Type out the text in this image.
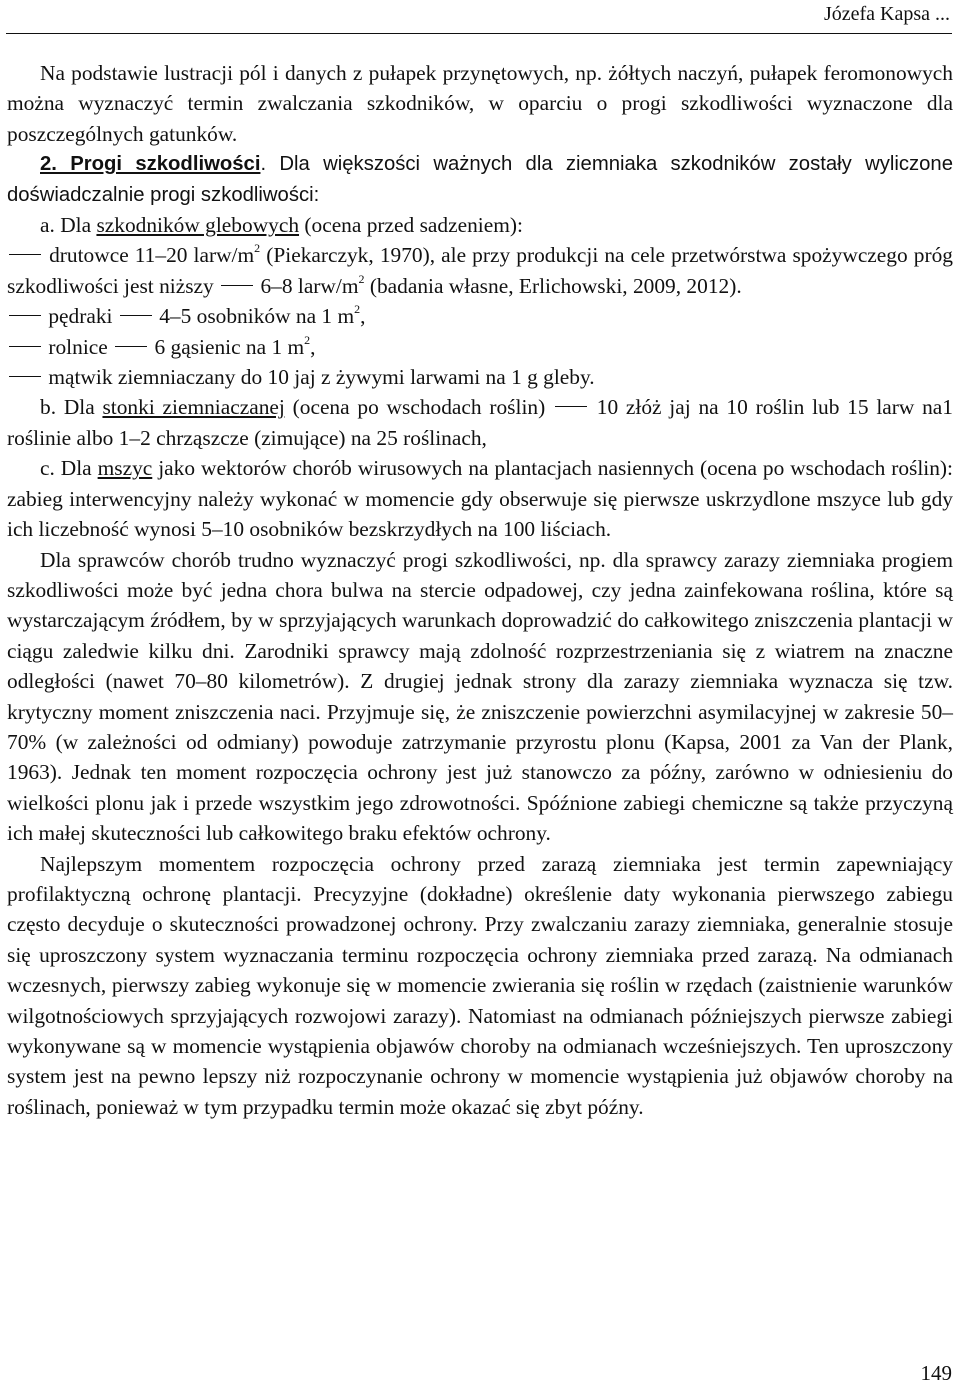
Józefa Kapsa ...

Na podstawie lustracji pól i danych z pułapek przynętowych, np. żółtych naczyń, pułapek feromonowych można wyznaczyć termin zwalczania szkodników, w oparciu o progi szkodliwości wyznaczone dla poszczególnych gatunków.

2. Progi szkodliwości. Dla większości ważnych dla ziemniaka szkodników zostały wyliczone doświadczalnie progi szkodliwości:

a. Dla szkodników glebowych (ocena przed sadzeniem):

drutowce 11–20 larw/$m^2$ (Piekarczyk, 1970), ale przy produkcji na cele przetwórstwa spożywczego próg szkodliwości jest niższy  6–8 larw/$m^2$ (badania własne, Erlichowski, 2009, 2012).

pędraki  4–5 osobników na 1 $m^2$,

rolnice  6 gąsienic na 1 $m^2$,

mątwik ziemniaczany do 10 jaj z żywymi larwami na 1 g gleby.

b. Dla stonki ziemniaczanej (ocena po wschodach roślin)  10 złóż jaj na 10 roślin lub 15 larw na1 roślinie albo 1–2 chrząszcze (zimujące) na 25 roślinach,

c. Dla mszyc jako wektorów chorób wirusowych na plantacjach nasiennych (ocena po wschodach roślin): zabieg interwencyjny należy wykonać w momencie gdy obserwuje się pierwsze uskrzydlone mszyce lub gdy ich liczebność wynosi 5–10 osobników bezskrzydłych na 100 liściach.

Dla sprawców chorób trudno wyznaczyć progi szkodliwości, np. dla sprawcy zarazy ziemniaka progiem szkodliwości może być jedna chora bulwa na stercie odpadowej, czy jedna zainfekowana roślina, które są wystarczającym źródłem, by w sprzyjających warunkach doprowadzić do całkowitego zniszczenia plantacji w ciągu zaledwie kilku dni. Zarodniki sprawcy mają zdolność rozprzestrzeniania się z wiatrem na znaczne odległości (nawet 70–80 kilometrów). Z drugiej jednak strony dla zarazy ziemniaka wyznacza się tzw. krytyczny moment zniszczenia naci. Przyjmuje się, że zniszczenie powierzchni asymilacyjnej w zakresie 50–70% (w zależności od odmiany) powoduje zatrzymanie przyrostu plonu (Kapsa, 2001 za Van der Plank, 1963). Jednak ten moment rozpoczęcia ochrony jest już stanowczo za późny, zarówno w odniesieniu do wielkości plonu jak i przede wszystkim jego zdrowotności. Spóźnione zabiegi chemiczne są także przyczyną ich małej skuteczności lub całkowitego braku efektów ochrony.

Najlepszym momentem rozpoczęcia ochrony przed zarazą ziemniaka jest termin zapewniający profilaktyczną ochronę plantacji. Precyzyjne (dokładne) określenie daty wykonania pierwszego zabiegu często decyduje o skuteczności prowadzonej ochrony. Przy zwalczaniu zarazy ziemniaka, generalnie stosuje się uproszczony system wyznaczania terminu rozpoczęcia ochrony ziemniaka przed zarazą. Na odmianach wczesnych, pierwszy zabieg wykonuje się w momencie zwierania się roślin w rzędach (zaistnienie warunków wilgotnościowych sprzyjających rozwojowi zarazy). Natomiast na odmianach późniejszych pierwsze zabiegi wykonywane są w momencie wystąpienia objawów choroby na odmianach wcześniejszych. Ten uproszczony system jest na pewno lepszy niż rozpoczynanie ochrony w momencie wystąpienia już objawów choroby na roślinach, ponieważ w tym przypadku termin może okazać się zbyt późny.

149
